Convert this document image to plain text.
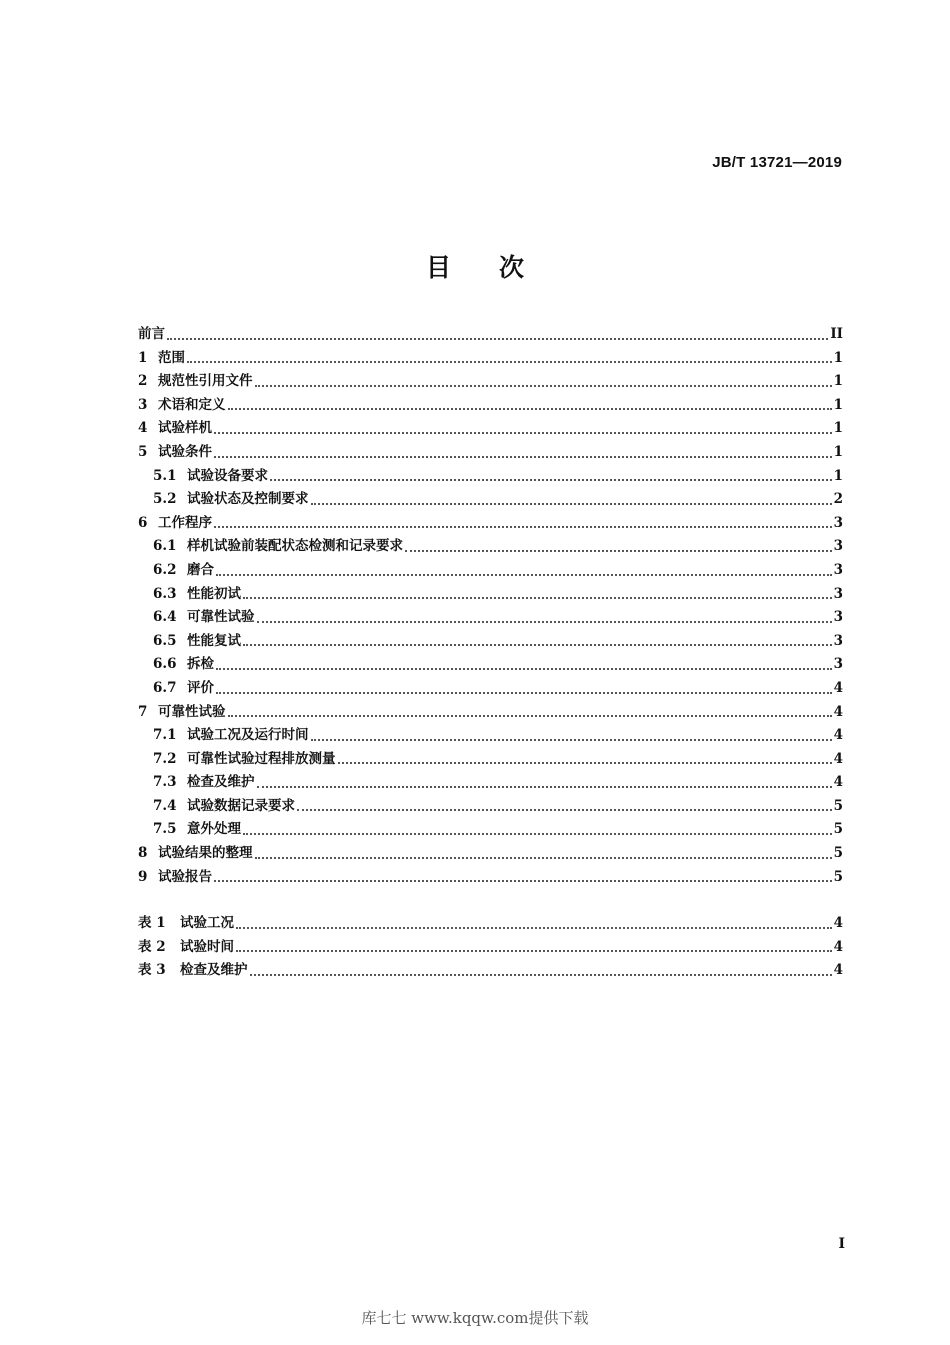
JB/T 13721—2019
目次
前言	II
1 范围	1
2 规范性引用文件	1
3 术语和定义	1
4 试验样机	1
5 试验条件	1
5.1 试验设备要求	1
5.2 试验状态及控制要求	2
6 工作程序	3
6.1 样机试验前装配状态检测和记录要求	3
6.2 磨合	3
6.3 性能初试	3
6.4 可靠性试验	3
6.5 性能复试	3
6.6 拆检	3
6.7 评价	4
7 可靠性试验	4
7.1 试验工况及运行时间	4
7.2 可靠性试验过程排放测量	4
7.3 检查及维护	4
7.4 试验数据记录要求	5
7.5 意外处理	5
8 试验结果的整理	5
9 试验报告	5
表 1	试验工况	4
表 2	试验时间	4
表 3	检查及维护	4
I
库七七 www.kqqw.com提供下载
